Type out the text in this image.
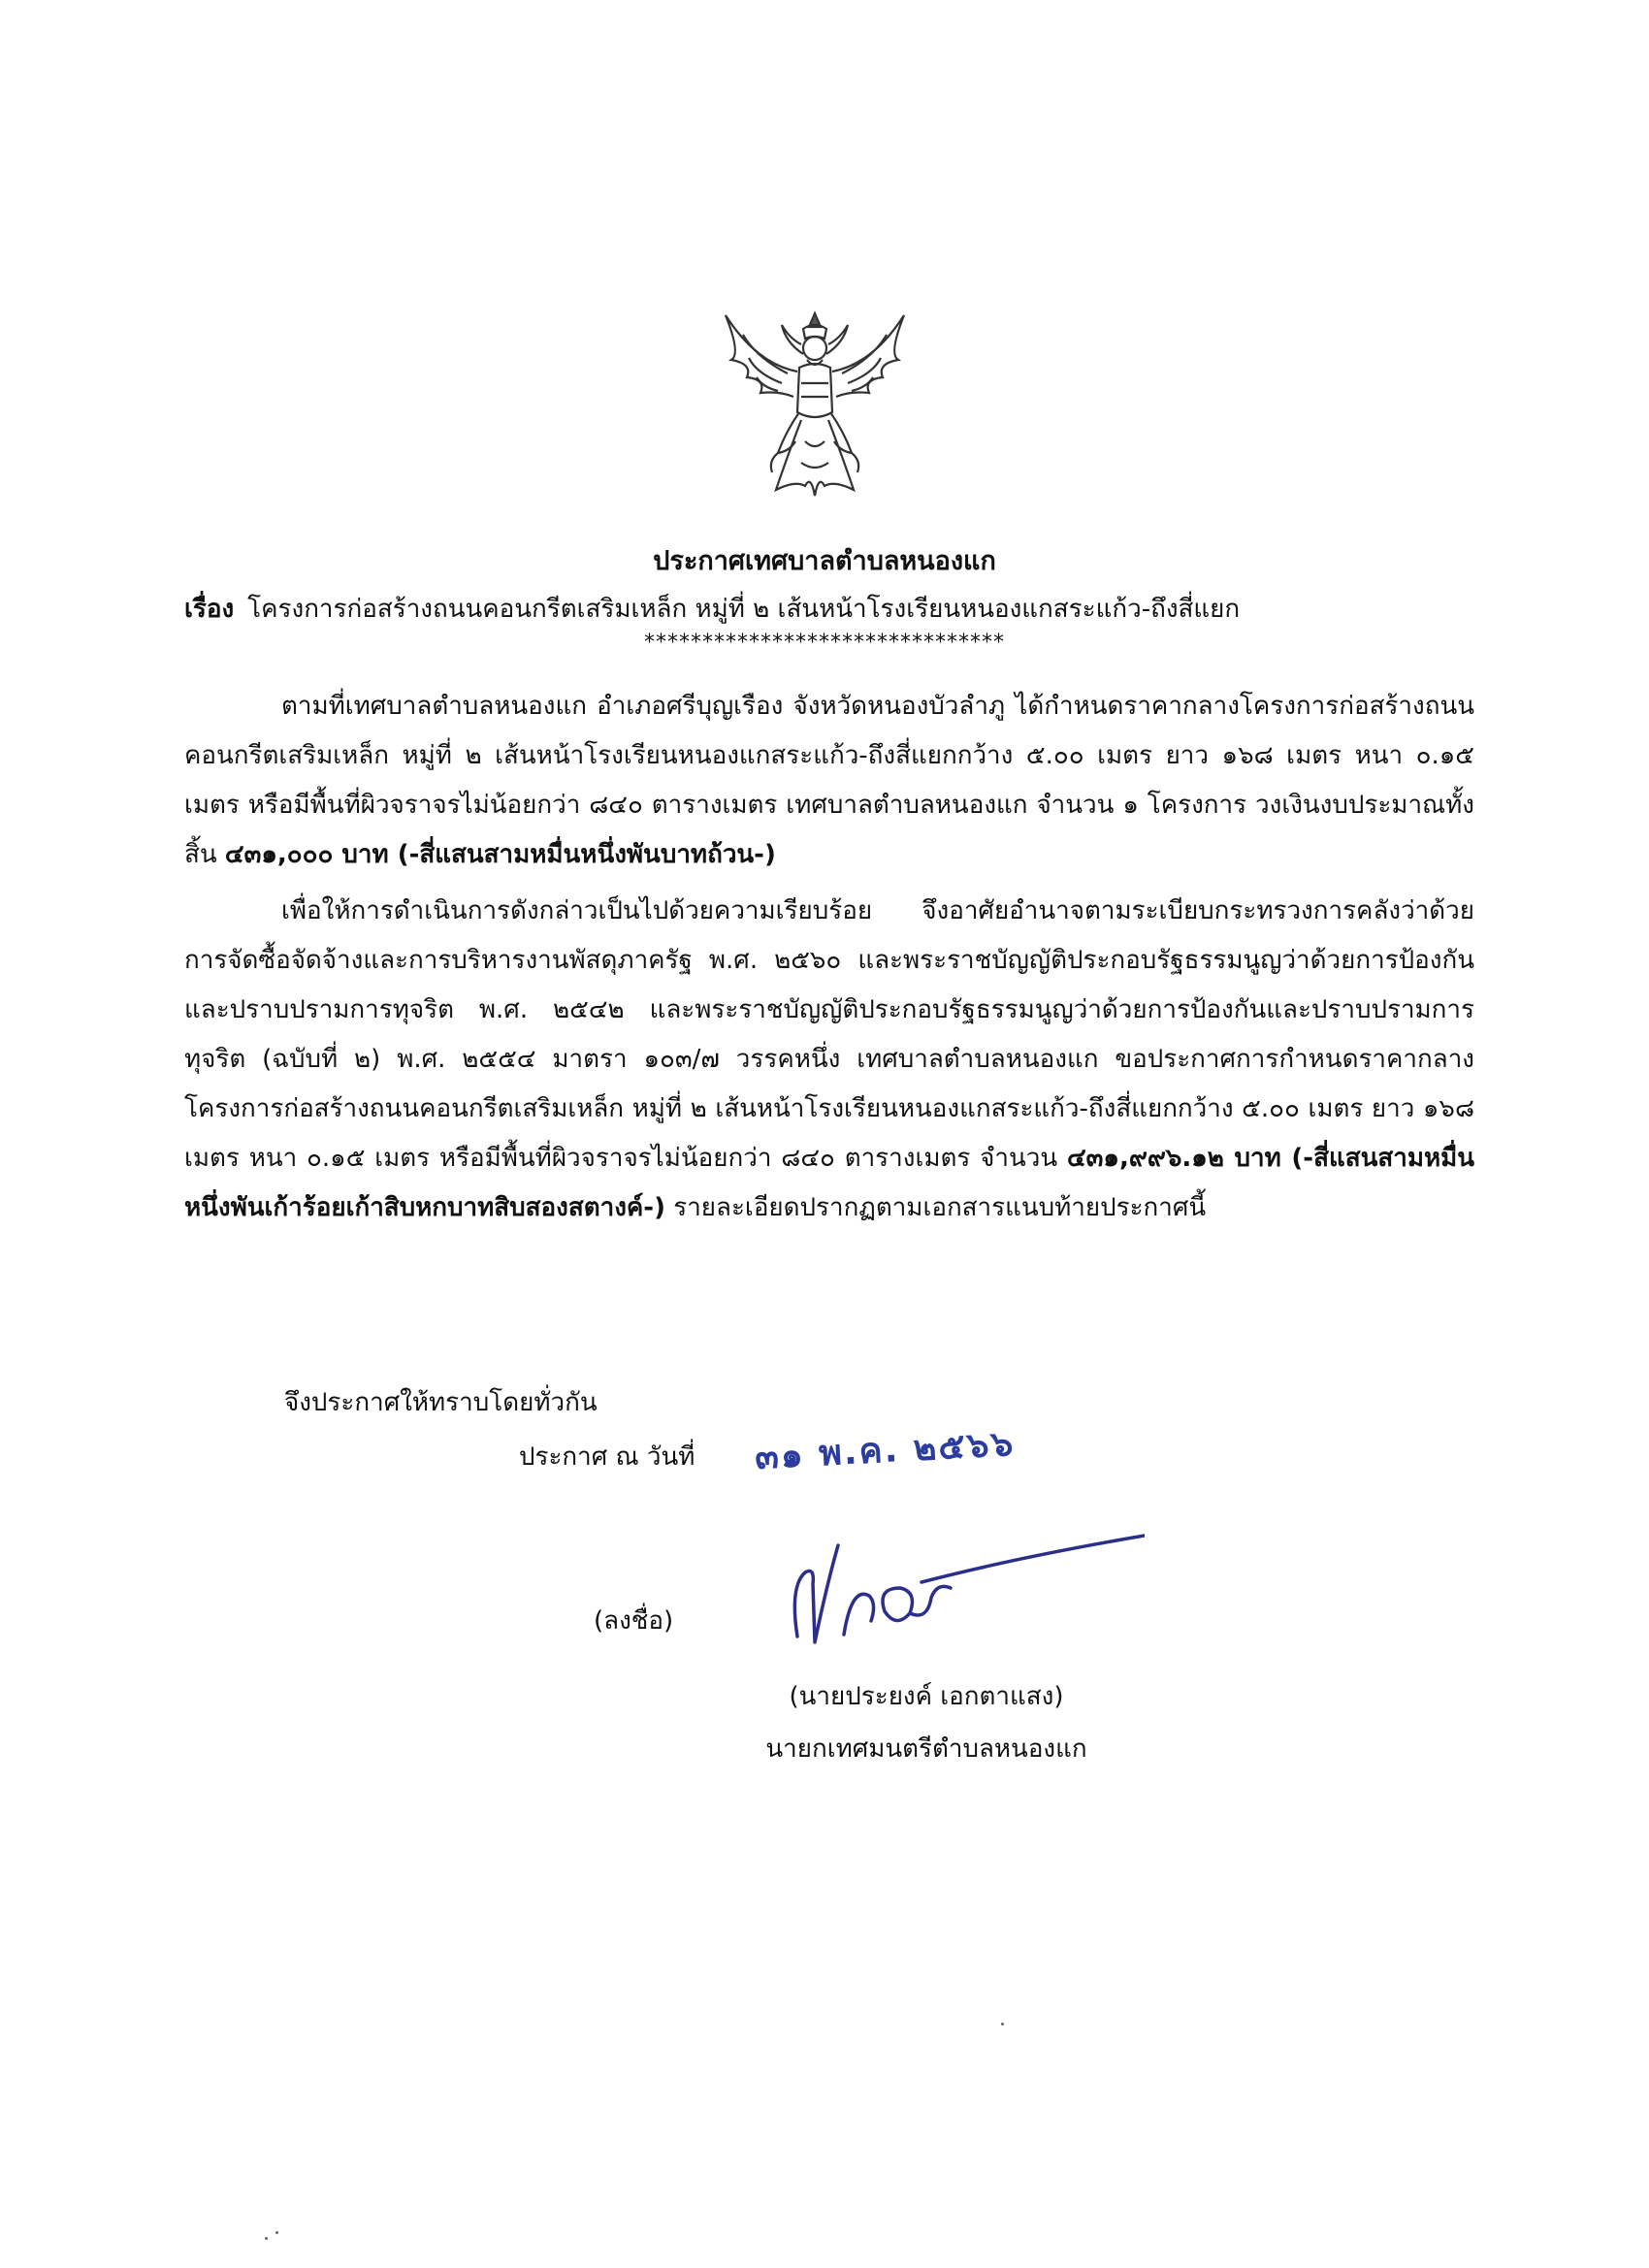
ประกาศเทศบาลตำบลหนองแก
เรื่อง โครงการก่อสร้างถนนคอนกรีตเสริมเหล็ก หมู่ที่ ๒ เส้นหน้าโรงเรียนหนองแกสระแก้ว-ถึงสี่แยก
*******************************

ตามที่เทศบาลตำบลหนองแก อำเภอศรีบุญเรือง จังหวัดหนองบัวลำภู ได้กำหนดราคากลางโครงการก่อสร้างถนนคอนกรีตเสริมเหล็ก หมู่ที่ ๒ เส้นหน้าโรงเรียนหนองแกสระแก้ว-ถึงสี่แยกกว้าง ๕.๐๐ เมตร ยาว ๑๖๘ เมตร หนา ๐.๑๕ เมตร หรือมีพื้นที่ผิวจราจรไม่น้อยกว่า ๘๔๐ ตารางเมตร เทศบาลตำบลหนองแก จำนวน ๑ โครงการ วงเงินงบประมาณทั้งสิ้น ๔๓๑,๐๐๐ บาท (-สี่แสนสามหมื่นหนึ่งพันบาทถ้วน-)

เพื่อให้การดำเนินการดังกล่าวเป็นไปด้วยความเรียบร้อย จึงอาศัยอำนาจตามระเบียบกระทรวงการคลังว่าด้วยการจัดซื้อจัดจ้างและการบริหารงานพัสดุภาครัฐ พ.ศ. ๒๕๖๐ และพระราชบัญญัติประกอบรัฐธรรมนูญว่าด้วยการป้องกันและปราบปรามการทุจริต พ.ศ. ๒๕๔๒ และพระราชบัญญัติประกอบรัฐธรรมนูญว่าด้วยการป้องกันและปราบปรามการทุจริต (ฉบับที่ ๒) พ.ศ. ๒๕๕๔ มาตรา ๑๐๓/๗ วรรคหนึ่ง เทศบาลตำบลหนองแก ขอประกาศการกำหนดราคากลางโครงการก่อสร้างถนนคอนกรีตเสริมเหล็ก หมู่ที่ ๒ เส้นหน้าโรงเรียนหนองแกสระแก้ว-ถึงสี่แยกกว้าง ๕.๐๐ เมตร ยาว ๑๖๘ เมตร หนา ๐.๑๕ เมตร หรือมีพื้นที่ผิวจราจรไม่น้อยกว่า ๘๔๐ ตารางเมตร จำนวน ๔๓๑,๙๙๖.๑๒ บาท (-สี่แสนสามหมื่นหนึ่งพันเก้าร้อยเก้าสิบหกบาทสิบสองสตางค์-) รายละเอียดปรากฏตามเอกสารแนบท้ายประกาศนี้

จึงประกาศให้ทราบโดยทั่วกัน
ประกาศ ณ วันที่ ๓๑ พ.ค. ๒๕๖๖
(ลงชื่อ)
(นายประยงค์ เอกตาแสง)
นายกเทศมนตรีตำบลหนองแก
